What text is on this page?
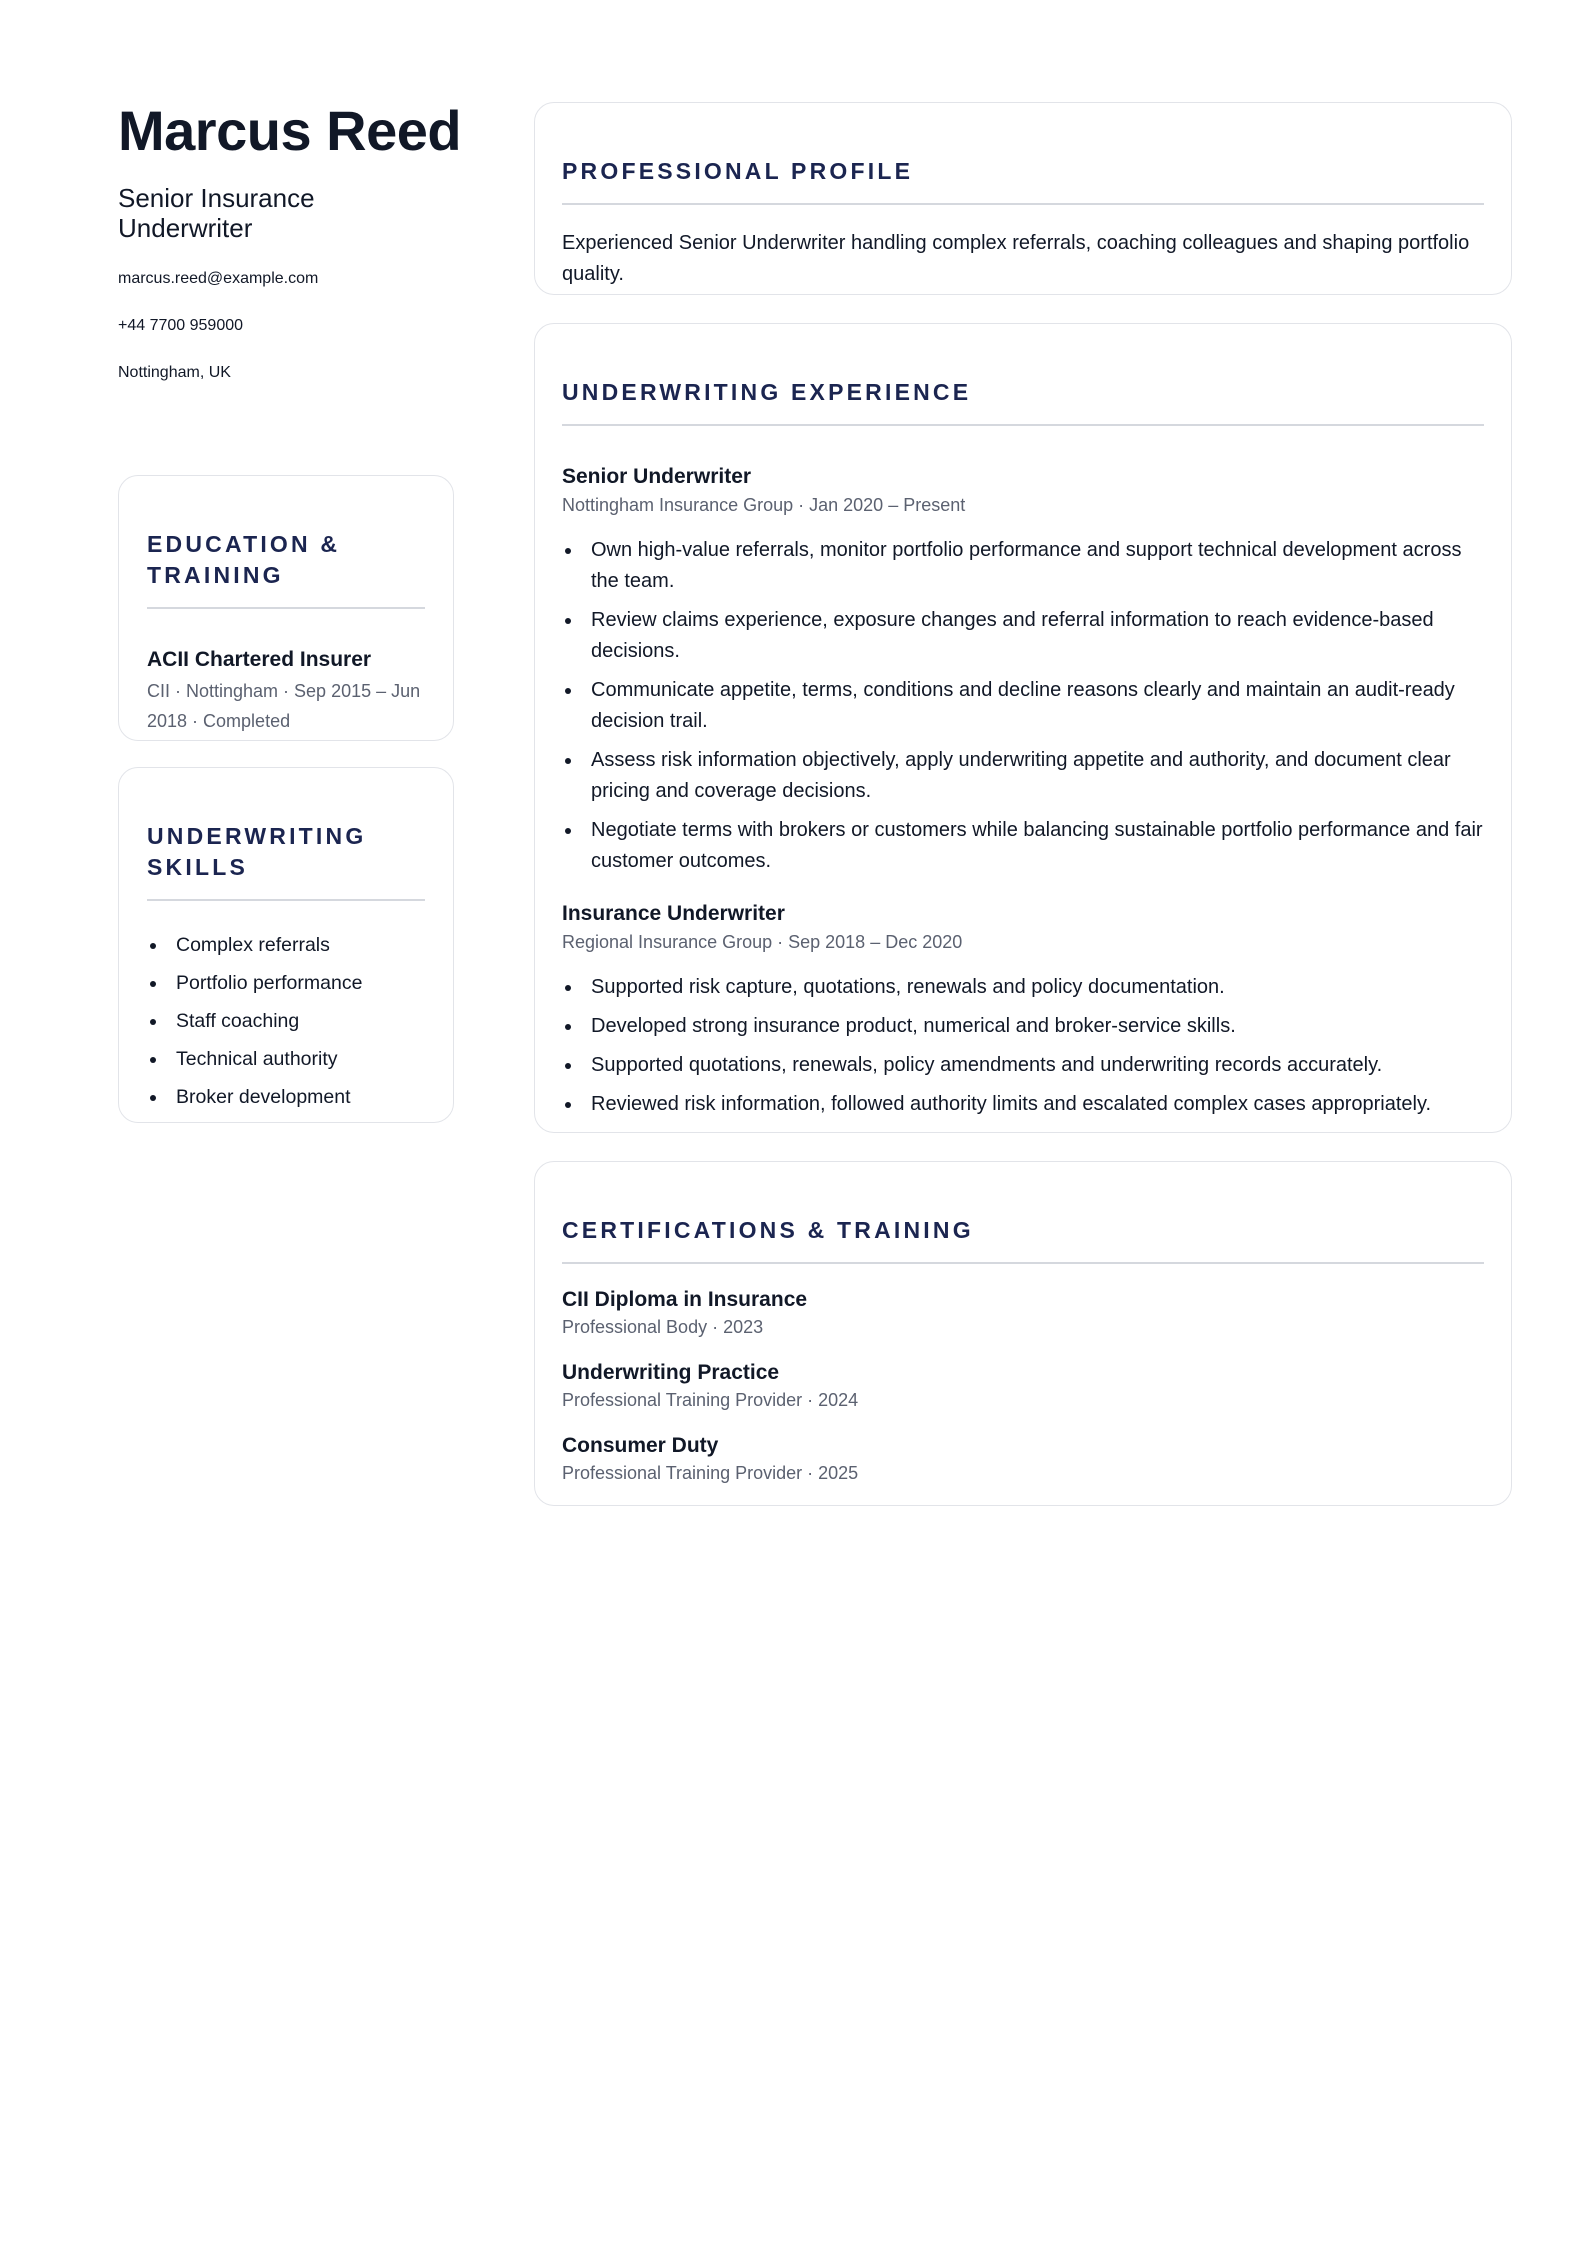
Marcus Reed
Senior Insurance Underwriter
marcus.reed@example.com
+44 7700 959000
Nottingham, UK
EDUCATION & TRAINING
ACII Chartered Insurer
CII · Nottingham · Sep 2015 – Jun 2018 · Completed
UNDERWRITING SKILLS
Complex referrals
Portfolio performance
Staff coaching
Technical authority
Broker development
PROFESSIONAL PROFILE

Experienced Senior Underwriter handling complex referrals, coaching colleagues and shaping portfolio quality.

UNDERWRITING EXPERIENCE
Senior Underwriter
Nottingham Insurance Group · Jan 2020 – Present
Own high-value referrals, monitor portfolio performance and support technical development across the team.
Review claims experience, exposure changes and referral information to reach evidence-based decisions.
Communicate appetite, terms, conditions and decline reasons clearly and maintain an audit-ready decision trail.
Assess risk information objectively, apply underwriting appetite and authority, and document clear pricing and coverage decisions.
Negotiate terms with brokers or customers while balancing sustainable portfolio performance and fair customer outcomes.
Insurance Underwriter
Regional Insurance Group · Sep 2018 – Dec 2020
Supported risk capture, quotations, renewals and policy documentation.
Developed strong insurance product, numerical and broker-service skills.
Supported quotations, renewals, policy amendments and underwriting records accurately.
Reviewed risk information, followed authority limits and escalated complex cases appropriately.
CERTIFICATIONS & TRAINING
CII Diploma in Insurance
Professional Body · 2023
Underwriting Practice
Professional Training Provider · 2024
Consumer Duty
Professional Training Provider · 2025
